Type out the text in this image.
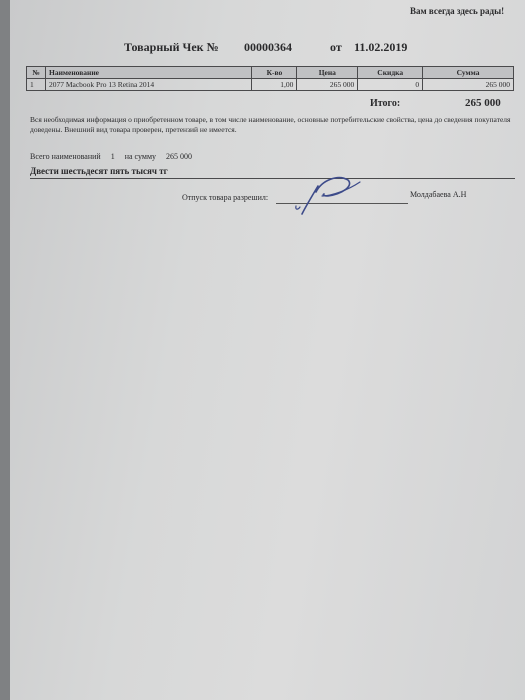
Вам всегда здесь рады!
Товарный Чек № 00000364	от 11.02.2019
№	Наименование	К-во	Цена	Скидка	Сумма
1	2077 Macbook Pro 13 Retina 2014	1,00	265 000	0	265 000
Итого:	265 000
Вся необходимая информация о приобретенном товаре, в том числе наименование, основные потребительские свойства, цена до сведения покупателя доведены. Внешний вид товара проверен, претензий не имеется.
Всего наименований 1 на сумму 265 000
Двести шестьдесят пять тысяч тг
Отпуск товара разрешил:	Молдабаева А.Н
